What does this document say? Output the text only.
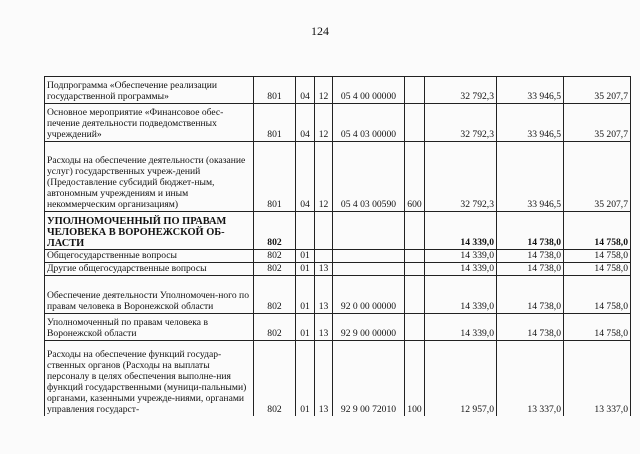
124
Подпрограмма «Обеспечение реализации государственной программы»	801	04	12	05 4 00 00000		32 792,3	33 946,5	35 207,7
Основное мероприятие «Финансовое обес-печение деятельности подведомственных учреждений»	801	04	12	05 4 03 00000		32 792,3	33 946,5	35 207,7
Расходы на обеспечение деятельности (оказание услуг) государственных учреж-дений (Предоставление субсидий бюджет-ным, автономным учреждениям и иным некоммерческим организациям)	801	04	12	05 4 03 00590	600	32 792,3	33 946,5	35 207,7
УПОЛНОМОЧЕННЫЙ ПО ПРАВАМ ЧЕЛОВЕКА В ВОРОНЕЖСКОЙ ОБ-ЛАСТИ	802					14 339,0	14 738,0	14 758,0
Общегосударственные вопросы	802	01				14 339,0	14 738,0	14 758,0
Другие общегосударственные вопросы	802	01	13			14 339,0	14 738,0	14 758,0
Обеспечение деятельности Уполномочен-ного по правам человека в Воронежской области	802	01	13	92 0 00 00000		14 339,0	14 738,0	14 758,0
Уполномоченный по правам человека в Воронежской области	802	01	13	92 9 00 00000		14 339,0	14 738,0	14 758,0
Расходы на обеспечение функций государ-ственных органов (Расходы на выплаты персоналу в целях обеспечения выполне-ния функций государственными (муници-пальными) органами, казенными учрежде-ниями, органами управления государст-	802	01	13	92 9 00 72010	100	12 957,0	13 337,0	13 337,0
